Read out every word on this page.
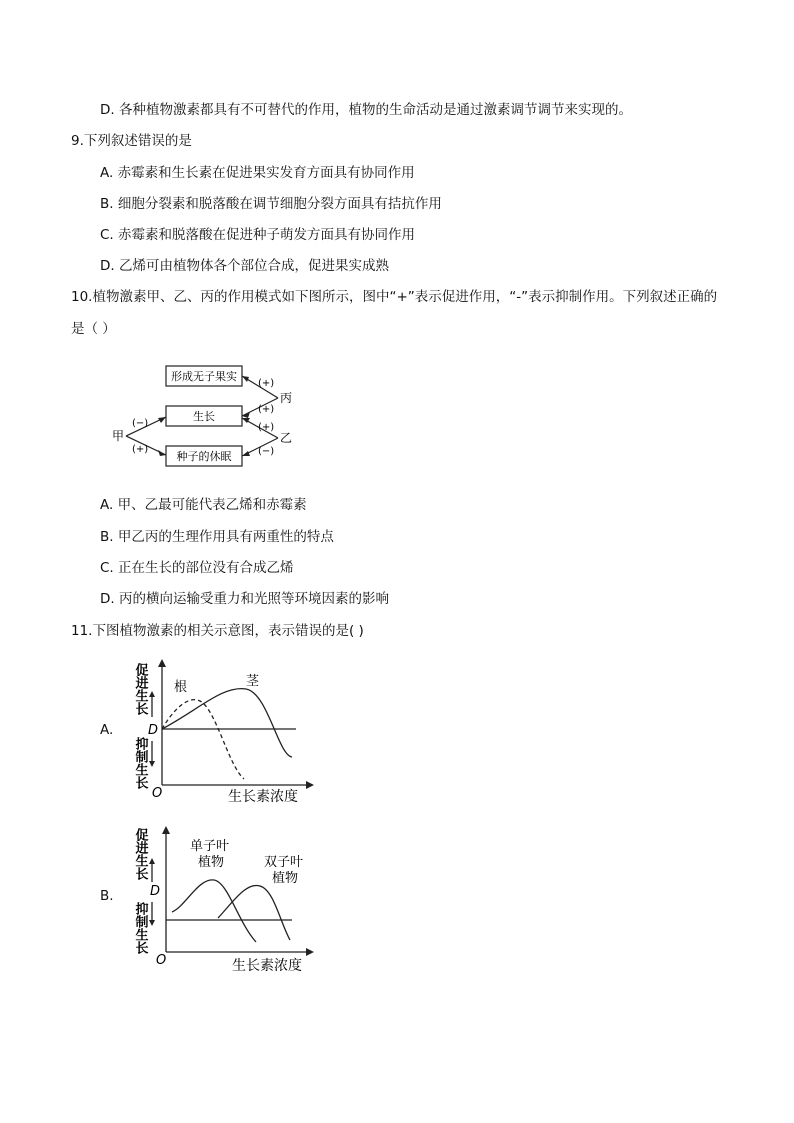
D. 各种植物激素都具有不可替代的作用，植物的生命活动是通过激素调节调节来实现的。
9.下列叙述错误的是
A. 赤霉素和生长素在促进果实发育方面具有协同作用
B. 细胞分裂素和脱落酸在调节细胞分裂方面具有拮抗作用
C. 赤霉素和脱落酸在促进种子萌发方面具有协同作用
D. 乙烯可由植物体各个部位合成，促进果实成熟
10.植物激素甲、乙、丙的作用模式如下图所示，图中“+”表示促进作用，“-”表示抑制作用。下列叙述正确的
是（ ）
形成无子果实
生长
种子的休眠
甲
丙
乙
(−)
(+)
(+)
(+)
(+)
(−)
A. 甲、乙最可能代表乙烯和赤霉素
B. 甲乙丙的生理作用具有两重性的特点
C. 正在生长的部位没有合成乙烯
D. 丙的横向运输受重力和光照等环境因素的影响
11.下图植物激素的相关示意图，表示错误的是( )
A.
促进生长
抑制生长
D
O	生长素浓度
根	茎
B.
促进生长
抑制生长
D
O	生长素浓度
单子叶
植物	双子叶
植物
